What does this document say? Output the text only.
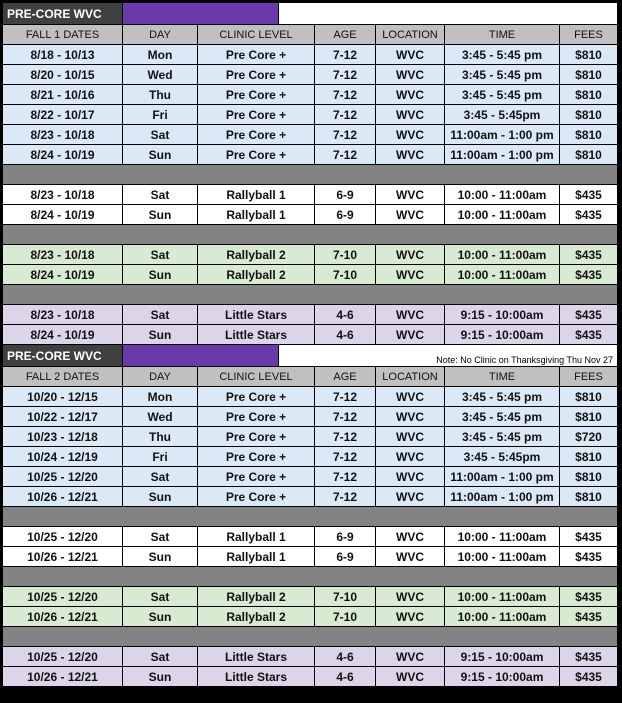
PRE-CORE WVC
FALL 1 DATES	DAY	CLINIC LEVEL	AGE	LOCATION	TIME	FEES
8/18 - 10/13	Mon	Pre Core +	7-12	WVC	3:45 - 5:45 pm	$810
8/20 - 10/15	Wed	Pre Core +	7-12	WVC	3:45 - 5:45 pm	$810
8/21 - 10/16	Thu	Pre Core +	7-12	WVC	3:45 - 5:45 pm	$810
8/22 - 10/17	Fri	Pre Core +	7-12	WVC	3:45 - 5:45pm	$810
8/23 - 10/18	Sat	Pre Core +	7-12	WVC	11:00am - 1:00 pm	$810
8/24 - 10/19	Sun	Pre Core +	7-12	WVC	11:00am - 1:00 pm	$810
8/23 - 10/18	Sat	Rallyball 1	6-9	WVC	10:00 - 11:00am	$435
8/24 - 10/19	Sun	Rallyball 1	6-9	WVC	10:00 - 11:00am	$435
8/23 - 10/18	Sat	Rallyball 2	7-10	WVC	10:00 - 11:00am	$435
8/24 - 10/19	Sun	Rallyball 2	7-10	WVC	10:00 - 11:00am	$435
8/23 - 10/18	Sat	Little Stars	4-6	WVC	9:15 - 10:00am	$435
8/24 - 10/19	Sun	Little Stars	4-6	WVC	9:15 - 10:00am	$435
PRE-CORE WVC	Note: No Clinic on Thanksgiving Thu Nov 27
FALL 2 DATES	DAY	CLINIC LEVEL	AGE	LOCATION	TIME	FEES
10/20 - 12/15	Mon	Pre Core +	7-12	WVC	3:45 - 5:45 pm	$810
10/22 - 12/17	Wed	Pre Core +	7-12	WVC	3:45 - 5:45 pm	$810
10/23 - 12/18	Thu	Pre Core +	7-12	WVC	3:45 - 5:45 pm	$720
10/24 - 12/19	Fri	Pre Core +	7-12	WVC	3:45 - 5:45pm	$810
10/25 - 12/20	Sat	Pre Core +	7-12	WVC	11:00am - 1:00 pm	$810
10/26 - 12/21	Sun	Pre Core +	7-12	WVC	11:00am - 1:00 pm	$810
10/25 - 12/20	Sat	Rallyball 1	6-9	WVC	10:00 - 11:00am	$435
10/26 - 12/21	Sun	Rallyball 1	6-9	WVC	10:00 - 11:00am	$435
10/25 - 12/20	Sat	Rallyball 2	7-10	WVC	10:00 - 11:00am	$435
10/26 - 12/21	Sun	Rallyball 2	7-10	WVC	10:00 - 11:00am	$435
10/25 - 12/20	Sat	Little Stars	4-6	WVC	9:15 - 10:00am	$435
10/26 - 12/21	Sun	Little Stars	4-6	WVC	9:15 - 10:00am	$435
